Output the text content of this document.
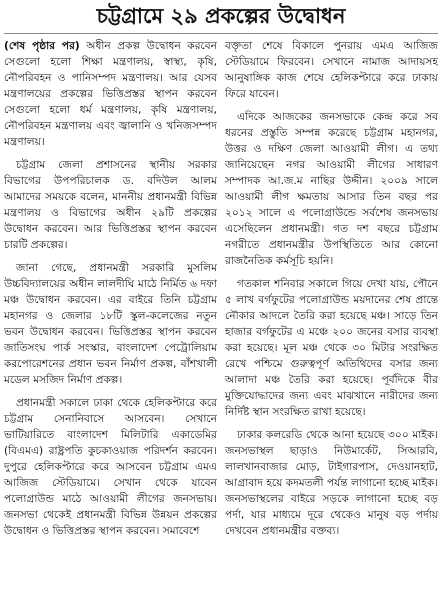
চট্টগ্রামে ২৯ প্রকল্পের উদ্বোধন

(শেষ পৃষ্ঠার পর) অধীন প্রকল্প উদ্বোধন করবেন সেগুলো হলো শিক্ষা মন্ত্রণালয়, স্বাস্থ্য, কৃষি, নৌপরিবহন ও পানিসম্পদ মন্ত্রণালয়। আর যেসব মন্ত্রণালয়ের প্রকল্পের ভিত্তিপ্রস্তর স্থাপন করবেন সেগুলো হলো ধর্ম মন্ত্রণালয়, কৃষি মন্ত্রণালয়, নৌপরিবহন মন্ত্রণালয় এবং জ্বালানি ও খনিজসম্পদ মন্ত্রণালয়।

চট্টগ্রাম জেলা প্রশাসনের স্থানীয় সরকার বিভাগের উপপরিচালক ড. বদিউল আলম আমাদের সময়কে বলেন, মাননীয় প্রধানমন্ত্রী বিভিন্ন মন্ত্রণালয় ও বিভাগের অধীন ২৯টি প্রকল্পের উদ্বোধন করবেন। আর ভিত্তিপ্রস্তর স্থাপন করবেন চারটি প্রকল্পের।

জানা গেছে, প্রধানমন্ত্রী সরকারি মুসলিম উচ্চবিদ্যালয়ের অধীন লালদীঘি মাঠে নির্মিত ৬ দফা মঞ্চ উদ্বোধন করবেন। এর বাইরে তিনি চট্টগ্রাম মহানগর ও জেলার ১৮টি স্কুল-কলেজের নতুন ভবন উদ্বোধন করবেন। ভিত্তিপ্রস্তর স্থাপন করবেন জাতিসংঘ পার্ক সংস্কার, বাংলাদেশ পেট্রোলিয়াম করপোরেশনের প্রধান ভবন নির্মাণ প্রকল্প, বাঁশখালী মডেল মসজিদ নির্মাণ প্রকল্প।

প্রধানমন্ত্রী সকালে ঢাকা থেকে হেলিকপ্টারে করে চট্টগ্রাম সেনানিবাসে আসবেন। সেখানে ভাটিয়ারিতে বাংলাদেশ মিলিটারি একাডেমির (বিএমএ) রাষ্ট্রপতি কুচকাওয়াজ পরিদর্শন করবেন। দুপুরে হেলিকপ্টারে করে আসবেন চট্টগ্রাম এমএ আজিজ স্টেডিয়ামে। সেখান থেকে যাবেন পলোগ্রাউন্ড মাঠে আওয়ামী লীগের জনসভায়। জনসভা থেকেই প্রধানমন্ত্রী বিভিন্ন উন্নয়ন প্রকল্পের উদ্বোধন ও ভিত্তিপ্রস্তর স্থাপন করবেন। সমাবেশে

বক্তৃতা শেষে বিকালে পুনরায় এমএ আজিজ স্টেডিয়ামে ফিরবেন। সেখানে নামাজ আদায়সহ আনুষাঙ্গিক কাজ শেষে হেলিকপ্টারে করে ঢাকায় ফিরে যাবেন।

এদিকে আজকের জনসভাকে কেন্দ্র করে সব ধরনের প্রস্তুতি সম্পন্ন করেছে চট্টগ্রাম মহানগর, উত্তর ও দক্ষিণ জেলা আওয়ামী লীগ। এ তথ্য জানিয়েছেন নগর আওয়ামী লীগের সাধারণ সম্পাদক আ.জ.ম নাছির উদ্দীন। ২০০৯ সালে আওয়ামী লীগ ক্ষমতায় আসার তিন বছর পর ২০১২ সালে এ পলোগ্রাউন্ডে সর্বশেষ জনসভায় এসেছিলেন প্রধানমন্ত্রী। গত দশ বছরে চট্টগ্রাম নগরীতে প্রধানমন্ত্রীর উপস্থিতিতে আর কোনো রাজনৈতিক কর্মসূচি হয়নি।

গতকাল শনিবার সকালে গিয়ে দেখা যায়, পৌনে ৫ লাখ বর্গফুটের পলোগ্রাউন্ড ময়দানের শেষ প্রান্তে নৌকার আদলে তৈরি করা হয়েছে মঞ্চ। সাড়ে তিন হাজার বর্গফুটের এ মঞ্চে ২০০ জনের বসার ব্যবস্থা করা হয়েছে। মূল মঞ্চ থেকে ৩০ মিটার সংরক্ষিত রেখে পশ্চিমে গুরুত্বপূর্ণ অতিথিদের বসার জন্য আলাদা মঞ্চ তৈরি করা হয়েছে। পূর্বদিকে বীর মুক্তিযোদ্ধাদের জন্য এবং মাঝখানে নারীদের জন্য নির্দিষ্ট স্থান সংরক্ষিত রাখা হয়েছে।

ঢাকার কলরেডি থেকে আনা হয়েছে ৩০০ মাইক। জনসভাস্থল ছাড়াও নিউমার্কেট, সিআরবি, লালখানবাজার মোড়, টাইগারপাস, দেওয়ানহাট, আগ্রাবাদ হয়ে কদমতলী পর্যন্ত লাগানো হচ্ছে মাইক। জনসভাস্থলের বাইরে সড়কে লাগানো হচ্ছে বড় পর্দা, যার মাধ্যমে দূরে থেকেও মানুষ বড় পর্দায় দেখবেন প্রধানমন্ত্রীর বক্তব্য।
